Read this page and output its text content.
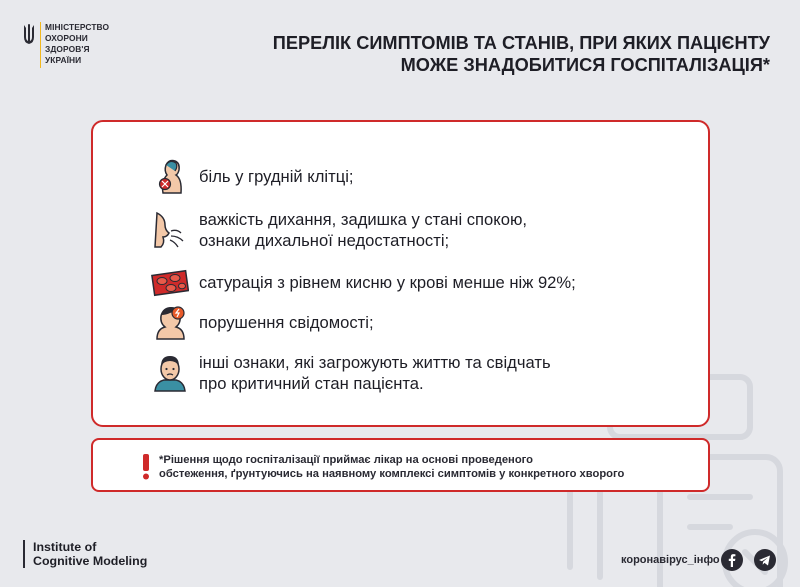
МІНІСТЕРСТВО
ОХОРОНИ
ЗДОРОВ'Я
УКРАЇНИ
ПЕРЕЛІК СИМПТОМІВ ТА СТАНІВ, ПРИ ЯКИХ ПАЦІЄНТУ
МОЖЕ ЗНАДОБИТИСЯ ГОСПІТАЛІЗАЦІЯ*
біль у грудній клітці;
важкість дихання, задишка у стані спокою,
ознаки дихальної недостатності;
сатурація з рівнем кисню у крові менше ніж 92%;
порушення свідомості;
інші ознаки, які загрожують життю та свідчать
про критичний стан пацієнта.
*Рішення щодо госпіталізації приймає лікар на основі проведеного
обстеження, ґрунтуючись на наявному комплексі симптомів у конкретного хворого
Institute of
Cognitive Modeling	коронавірус_інфо
